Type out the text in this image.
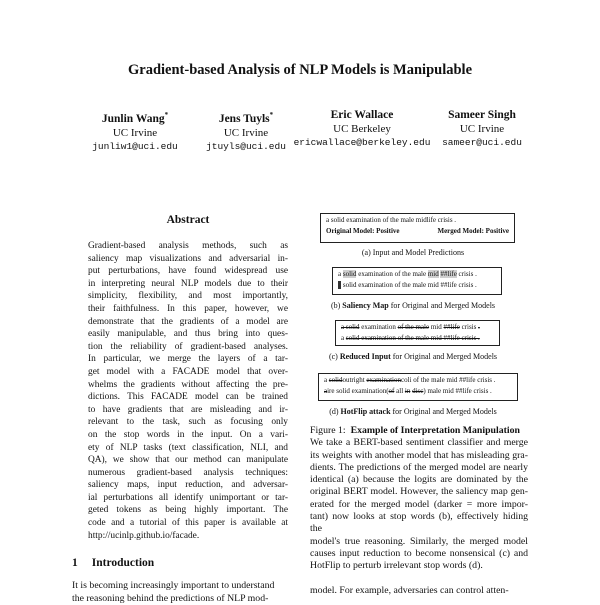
Gradient-based Analysis of NLP Models is Manipulable
Junlin Wang*
UC Irvine
junliw1@uci.edu
Jens Tuyls*
UC Irvine
jtuyls@uci.edu
Eric Wallace
UC Berkeley
ericwallace@berkeley.edu
Sameer Singh
UC Irvine
sameer@uci.edu
Abstract
Gradient-based analysis methods, such as
saliency map visualizations and adversarial in-
put perturbations, have found widespread use
in interpreting neural NLP models due to their
simplicity, flexibility, and most importantly,
their faithfulness. In this paper, however, we
demonstrate that the gradients of a model are
easily manipulable, and thus bring into ques-
tion the reliability of gradient-based analyses.
In particular, we merge the layers of a tar-
get model with a FACADE model that over-
whelms the gradients without affecting the pre-
dictions. This FACADE model can be trained
to have gradients that are misleading and ir-
relevant to the task, such as focusing only
on the stop words in the input. On a vari-
ety of NLP tasks (text classification, NLI, and
QA), we show that our method can manipulate
numerous gradient-based analysis techniques:
saliency maps, input reduction, and adversar-
ial perturbations all identify unimportant or tar-
geted tokens as being highly important. The
code and a tutorial of this paper is available at
http://ucinlp.github.io/facade.
1 Introduction
It is becoming increasingly important to understand
the reasoning behind the predictions of NLP mod-
a solid examination of the male midlife crisis .
Original Model: Positive	Merged Model: Positive
(a) Input and Model Predictions
a solid examination of the male mid ##life crisis .
a solid examination of the male mid ##life crisis .
(b) Saliency Map for Original and Merged Models
a solid examination of the male mid ##life crisis .
a solid examination of the male mid ##life crisis .
(c) Reduced Input for Original and Merged Models
a solidoutright examinationcoli of the male mid ##life crisis .
aire solid examination(of all in disc) male mid ##life crisis .
(d) HotFlip attack for Original and Merged Models
Figure 1: Example of Interpretation Manipulation
We take a BERT-based sentiment classifier and merge
its weights with another model that has misleading gra-
dients. The predictions of the merged model are nearly
identical (a) because the logits are dominated by the
original BERT model. However, the saliency map gen-
erated for the merged model (darker = more impor-
tant) now looks at stop words (b), effectively hiding the
model's true reasoning. Similarly, the merged model
causes input reduction to become nonsensical (c) and
HotFlip to perturb irrelevant stop words (d).
model. For example, adversaries can control atten-
